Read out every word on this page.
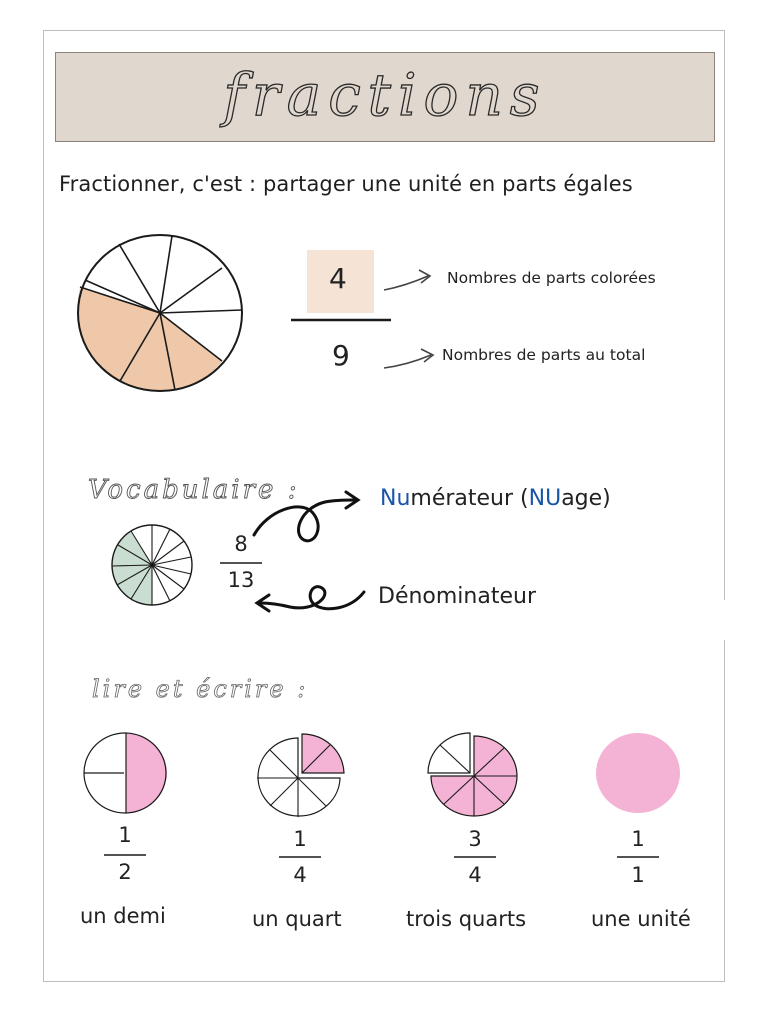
fractions
Fractionner, c'est : partager une unité en parts égales
Vocabulaire :
lire et écrire :
4
9
Nombres de parts colorées
Nombres de parts au total
8
13
Numérateur (NUage)
Dénominateur
1
2
un demi
1
4
un quart
3
4
trois quarts
1
1
une unité
